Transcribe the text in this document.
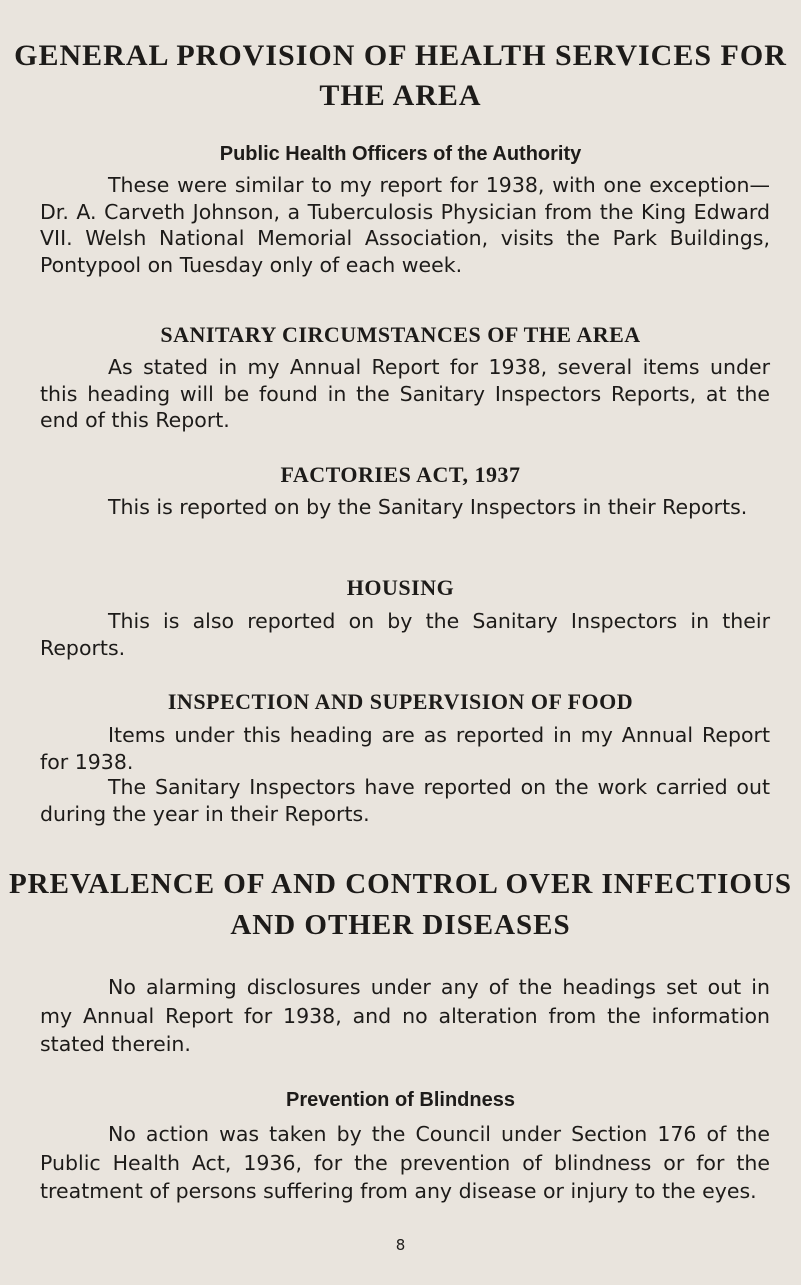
GENERAL PROVISION OF HEALTH SERVICES FOR THE AREA
Public Health Officers of the Authority

These were similar to my report for 1938, with one exception—Dr. A. Carveth Johnson, a Tuberculosis Physician from the King Edward VII. Welsh National Memorial Association, visits the Park Buildings, Pontypool on Tuesday only of each week.

SANITARY CIRCUMSTANCES OF THE AREA

As stated in my Annual Report for 1938, several items under this heading will be found in the Sanitary Inspectors Reports, at the end of this Report.

FACTORIES ACT, 1937

This is reported on by the Sanitary Inspectors in their Reports.

HOUSING

This is also reported on by the Sanitary Inspectors in their Reports.

INSPECTION AND SUPERVISION OF FOOD

Items under this heading are as reported in my Annual Report for 1938.

The Sanitary Inspectors have reported on the work carried out during the year in their Reports.

PREVALENCE OF AND CONTROL OVER INFECTIOUS AND OTHER DISEASES

No alarming disclosures under any of the headings set out in my Annual Report for 1938, and no alteration from the information stated therein.

Prevention of Blindness

No action was taken by the Council under Section 176 of the Public Health Act, 1936, for the prevention of blindness or for the treatment of persons suffering from any disease or injury to the eyes.

8
